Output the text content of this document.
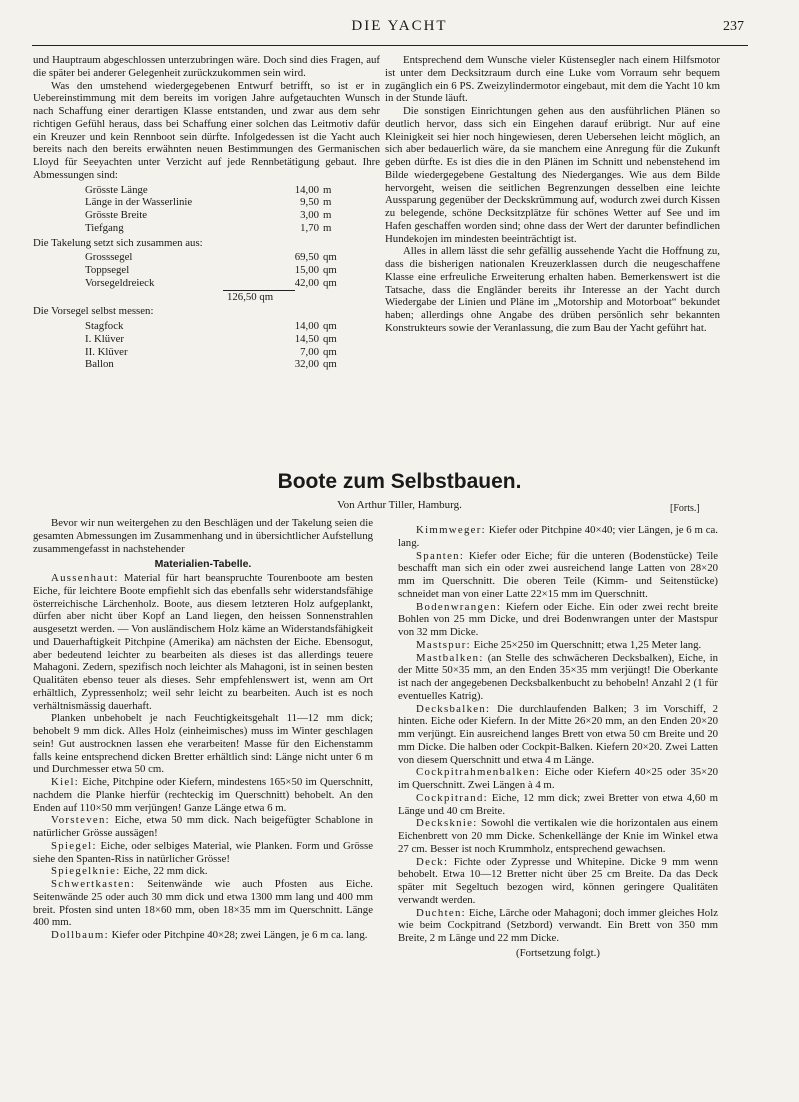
DIE YACHT	237

und Hauptraum abgeschlossen unterzubringen wäre. Doch sind dies Fragen, auf die später bei anderer Gelegenheit zurückzukommen sein wird.

Was den umstehend wiedergegebenen Entwurf betrifft, so ist er in Uebereinstimmung mit dem bereits im vorigen Jahre aufgetauchten Wunsch nach Schaffung einer derartigen Klasse entstanden, und zwar aus dem sehr richtigen Gefühl heraus, dass bei Schaffung einer solchen das Leitmotiv dafür ein Kreuzer und kein Rennboot sein dürfte. Infolgedessen ist die Yacht auch bereits nach den bereits erwähnten neuen Bestimmungen des Germanischen Lloyd für Seeyachten unter Verzicht auf jede Rennbetätigung gebaut. Ihre Abmessungen sind:

Grösste Länge	14,00 m
Länge in der Wasserlinie	9,50 m
Grösste Breite	3,00 m
Tiefgang	1,70 m

Die Takelung setzt sich zusammen aus:

Grosssegel	69,50 qm
Toppsegel	15,00 qm
Vorsegeldreieck	42,00 qm
126,50 qm

Die Vorsegel selbst messen:

Stagfock	14,00 qm
I. Klüver	14,50 qm
II. Klüver	7,00 qm
Ballon	32,00 qm

Entsprechend dem Wunsche vieler Küstensegler nach einem Hilfsmotor ist unter dem Decksitzraum durch eine Luke vom Vorraum sehr bequem zugänglich ein 6 PS. Zweizylindermotor eingebaut, mit dem die Yacht 10 km in der Stunde läuft.

Die sonstigen Einrichtungen gehen aus den ausführlichen Plänen so deutlich hervor, dass sich ein Eingehen darauf erübrigt. Nur auf eine Kleinigkeit sei hier noch hingewiesen, deren Uebersehen leicht möglich, an sich aber bedauerlich wäre, da sie manchem eine Anregung für die Zukunft geben dürfte. Es ist dies die in den Plänen im Schnitt und nebenstehend im Bilde wiedergegebene Gestaltung des Niederganges. Wie aus dem Bilde hervorgeht, weisen die seitlichen Begrenzungen desselben eine leichte Aussparung gegenüber der Deckskrümmung auf, wodurch zwei durch Kissen zu belegende, schöne Decksitzplätze für schönes Wetter auf See und im Hafen geschaffen worden sind; ohne dass der Wert der darunter befindlichen Hundekojen im mindesten beeinträchtigt ist.

Alles in allem lässt die sehr gefällig aussehende Yacht die Hoffnung zu, dass die bisherigen nationalen Kreuzerklassen durch die neugeschaffene Klasse eine erfreuliche Erweiterung erhalten haben. Bemerkenswert ist die Tatsache, dass die Engländer bereits ihr Interesse an der Yacht durch Wiedergabe der Linien und Pläne im „Motorship and Motorboat“ bekundet haben; allerdings ohne Angabe des drüben persönlich sehr bekannten Konstrukteurs sowie der Veranlassung, die zum Bau der Yacht geführt hat.

Boote zum Selbstbauen.
Von Arthur Tiller, Hamburg.	[Forts.]

Bevor wir nun weitergehen zu den Beschlägen und der Takelung seien die gesamten Abmessungen im Zusammenhang und in übersichtlicher Aufstellung zusammengefasst in nachstehender

Materialien-Tabelle.

Aussenhaut: Material für hart beanspruchte Tourenboote am besten Eiche, für leichtere Boote empfiehlt sich das ebenfalls sehr widerstandsfähige österreichische Lärchenholz. Boote, aus diesem letzteren Holz aufgeplankt, dürfen aber nicht über Kopf an Land liegen, den heissen Sonnenstrahlen ausgesetzt werden. — Von ausländischem Holz käme an Widerstandsfähigkeit und Dauerhaftigkeit Pitchpine (Amerika) am nächsten der Eiche. Ebensogut, aber bedeutend leichter zu bearbeiten als dieses ist das allerdings teuere Mahagoni. Zedern, spezifisch noch leichter als Mahagoni, ist in seinen besten Qualitäten ebenso teuer als dieses. Sehr empfehlenswert ist, wenn am Ort erhältlich, Zypressenholz; weil sehr leicht zu bearbeiten. Auch ist es noch verhältnismässig dauerhaft.

Planken unbehobelt je nach Feuchtigkeitsgehalt 11—12 mm dick; behobelt 9 mm dick. Alles Holz (einheimisches) muss im Winter geschlagen sein! Gut austrocknen lassen ehe verarbeiten! Masse für den Eichenstamm falls keine entsprechend dicken Bretter erhältlich sind: Länge nicht unter 6 m und Durchmesser etwa 50 cm.

Kiel: Eiche, Pitchpine oder Kiefern, mindestens 165×50 im Querschnitt, nachdem die Planke hierfür (rechteckig im Querschnitt) behobelt. An den Enden auf 110×50 mm verjüngen! Ganze Länge etwa 6 m.

Vorsteven: Eiche, etwa 50 mm dick. Nach beigefügter Schablone in natürlicher Grösse aussägen!

Spiegel: Eiche, oder selbiges Material, wie Planken. Form und Grösse siehe den Spanten-Riss in natürlicher Grösse!

Spiegelknie: Eiche, 22 mm dick.

Schwertkasten: Seitenwände wie auch Pfosten aus Eiche. Seitenwände 25 oder auch 30 mm dick und etwa 1300 mm lang und 400 mm breit. Pfosten sind unten 18×60 mm, oben 18×35 mm im Querschnitt. Länge 400 mm.

Dollbaum: Kiefer oder Pitchpine 40×28; zwei Längen, je 6 m ca. lang.

Kimmweger: Kiefer oder Pitchpine 40×40; vier Längen, je 6 m ca. lang.

Spanten: Kiefer oder Eiche; für die unteren (Bodenstücke) Teile beschafft man sich ein oder zwei ausreichend lange Latten von 28×20 mm im Querschnitt. Die oberen Teile (Kimm- und Seitenstücke) schneidet man von einer Latte 22×15 mm im Querschnitt.

Bodenwrangen: Kiefern oder Eiche. Ein oder zwei recht breite Bohlen von 25 mm Dicke, und drei Bodenwrangen unter der Mastspur von 32 mm Dicke.

Mastspur: Eiche 25×250 im Querschnitt; etwa 1,25 Meter lang.

Mastbalken: (an Stelle des schwächeren Decksbalken), Eiche, in der Mitte 50×35 mm, an den Enden 35×35 mm verjüngt! Die Oberkante ist nach der angegebenen Decksbalkenbucht zu behobeln! Anzahl 2 (1 für eventuelles Katrig).

Decksbalken: Die durchlaufenden Balken; 3 im Vorschiff, 2 hinten. Eiche oder Kiefern. In der Mitte 26×20 mm, an den Enden 20×20 mm verjüngt. Ein ausreichend langes Brett von etwa 50 cm Breite und 20 mm Dicke. Die halben oder Cockpit-Balken. Kiefern 20×20. Zwei Latten von diesem Querschnitt und etwa 4 m Länge.

Cockpitrahmenbalken: Eiche oder Kiefern 40×25 oder 35×20 im Querschnitt. Zwei Längen à 4 m.

Cockpitrand: Eiche, 12 mm dick; zwei Bretter von etwa 4,60 m Länge und 40 cm Breite.

Decksknie: Sowohl die vertikalen wie die horizontalen aus einem Eichenbrett von 20 mm Dicke. Schenkellänge der Knie im Winkel etwa 27 cm. Besser ist noch Krummholz, entsprechend gewachsen.

Deck: Fichte oder Zypresse und Whitepine. Dicke 9 mm wenn behobelt. Etwa 10—12 Bretter nicht über 25 cm Breite. Da das Deck später mit Segeltuch bezogen wird, können geringere Qualitäten verwandt werden.

Duchten: Eiche, Lärche oder Mahagoni; doch immer gleiches Holz wie beim Cockpitrand (Setzbord) verwandt. Ein Brett von 350 mm Breite, 2 m Länge und 22 mm Dicke.

(Fortsetzung folgt.)
